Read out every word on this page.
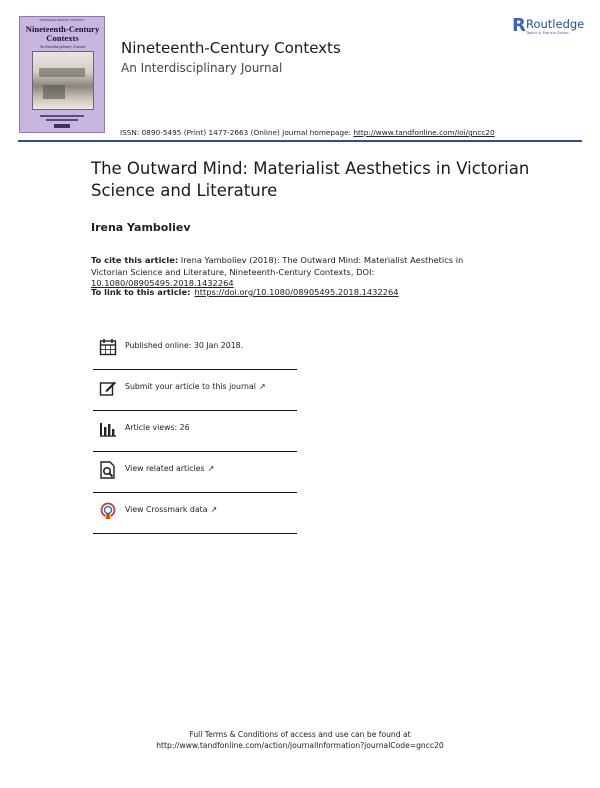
NINETEENTH-CENTURY CONTEXTS
Nineteenth-Century Contexts
An Interdisciplinary Journal	Nineteenth-Century Contexts
An Interdisciplinary Journal
R Routledge
Taylor & Francis Group
ISSN: 0890-5495 (Print) 1477-2663 (Online) Journal homepage: http://www.tandfonline.com/loi/gncc20
The Outward Mind: Materialist Aesthetics in Victorian Science and Literature
Irena Yamboliev
To cite this article: Irena Yamboliev (2018): The Outward Mind: Materialist Aesthetics in Victorian Science and Literature, Nineteenth-Century Contexts, DOI: 10.1080/08905495.2018.1432264
To link to this article: https://doi.org/10.1080/08905495.2018.1432264
Published online: 30 Jan 2018.
Submit your article to this journal ↗
Article views: 26
View related articles ↗
View Crossmark data ↗
Full Terms & Conditions of access and use can be found at
http://www.tandfonline.com/action/journalInformation?journalCode=gncc20
